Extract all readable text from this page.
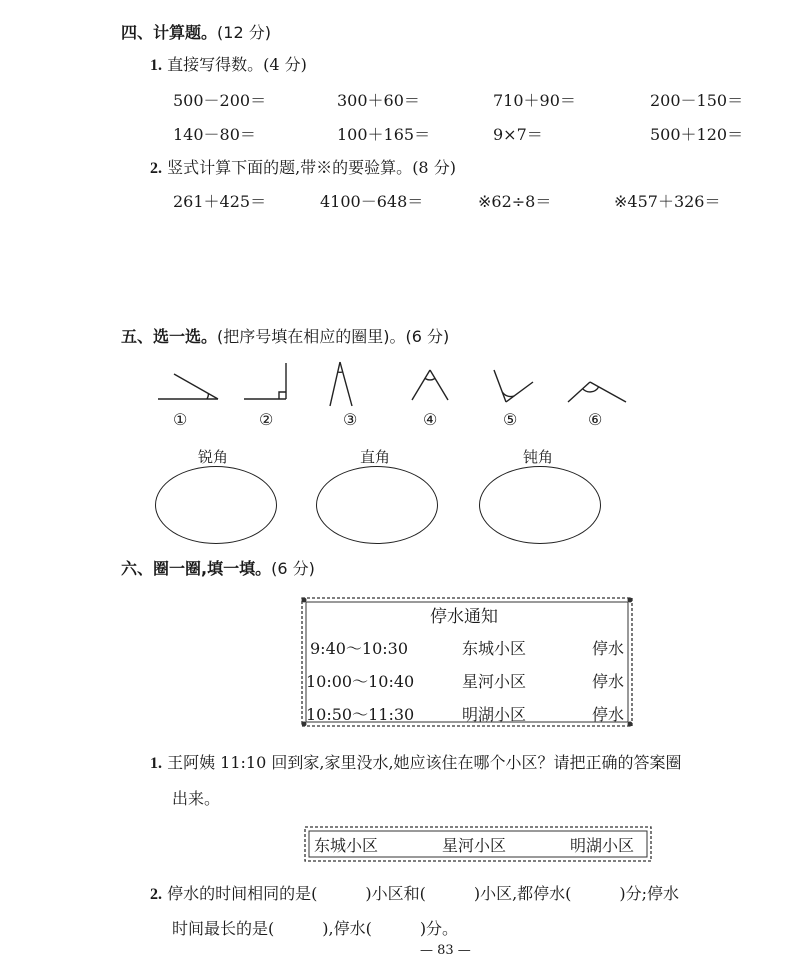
四、计算题。(12 分)
1. 直接写得数。(4 分)
500－200＝	300＋60＝	710＋90＝	200－150＝
140－80＝	100＋165＝	9×7＝	500＋120＝
2. 竖式计算下面的题,带※的要验算。(8 分)
261＋425＝	4100－648＝	※62÷8＝	※457＋326＝
五、选一选。(把序号填在相应的圈里)。(6 分)
①	②	③	④	⑤	⑥
锐角	直角	钝角
六、圈一圈,填一填。(6 分)
停水通知
9:40～10:30	东城小区	停水
10:00～10:40	星河小区	停水
10:50～11:30	明湖小区	停水
1. 王阿姨 11:10 回到家,家里没水,她应该住在哪个小区？请把正确的答案圈
出来。
东城小区	星河小区	明湖小区
2. 停水的时间相同的是(　　　)小区和(　　　)小区,都停水(　　　)分;停水
时间最长的是(　　　),停水(　　　)分。
— 83 —
